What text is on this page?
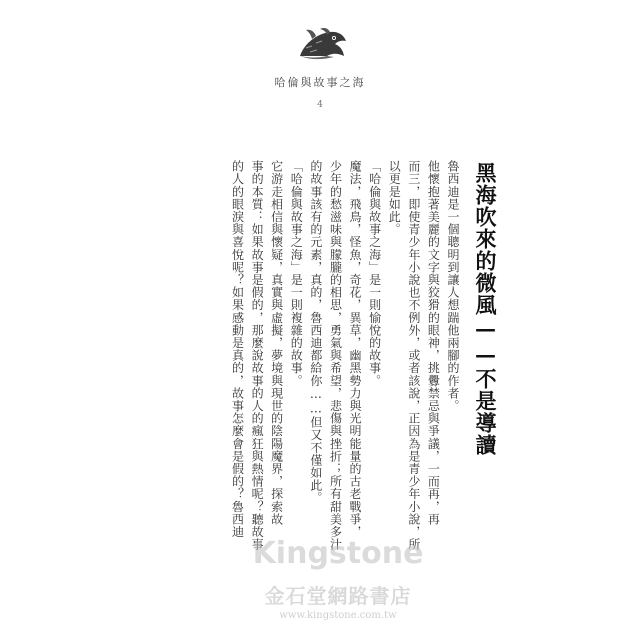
哈倫與故事之海
4
黑海吹來的微風——不是導讀

魯西迪是一個聰明到讓人想踹他兩腳的作者。

他懷抱著美麗的文字與狡猾的眼神，挑釁禁忌與爭議，一而再，再

而三，即使青少年小說也不例外，或者該說，正因為是青少年小說，所

以更是如此。

「哈倫與故事之海」是一則愉悅的故事。

魔法，飛鳥，怪魚，奇花，異草，幽黑勢力與光明能量的古老戰爭，

少年的愁滋味與朦朧的相思，勇氣與希望，悲傷與挫折；所有甜美多汁

的故事該有的元素，真的，魯西迪都給你……但又不僅如此。

「哈倫與故事之海」是一則複雜的故事。

它游走相信與懷疑，真實與虛擬，夢境與現世的陰陽魔界，探索故

事的本質：如果故事是假的，那麼說故事的人的瘋狂與熱情呢？聽故事

的人的眼淚與喜悅呢？如果感動是真的，故事怎麼會是假的？魯西迪

Kingstone
金石堂網路書店
www.kingstone.com.tw
